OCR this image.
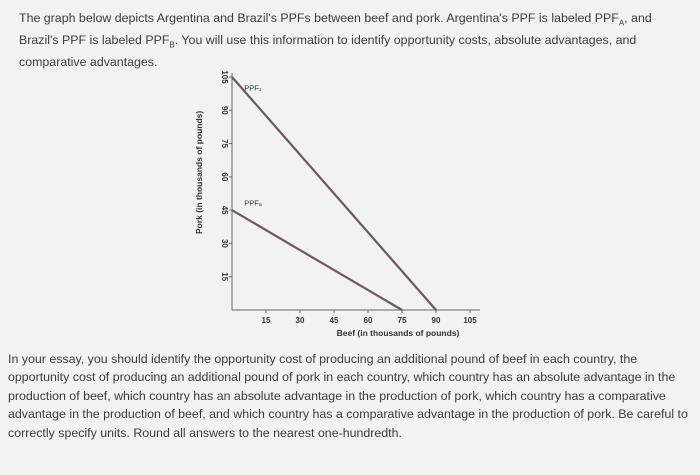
The graph below depicts Argentina and Brazil's PPFs between beef and pork. Argentina's PPF is labeled $PPF_A$, and

Brazil's PPF is labeled $PPF_B$. You will use this information to identify opportunity costs, absolute advantages, and

comparative advantages.

15	30	45	60	75	90	105
15
30
45
60
75
90
105
Beef (in thousands of pounds)
Pork (in thousands of pounds)
PPF₁
PPFₐ

In your essay, you should identify the opportunity cost of producing an additional pound of beef in each country, the opportunity cost of producing an additional pound of pork in each country, which country has an absolute advantage in the production of beef, which country has an absolute advantage in the production of pork, which country has a comparative advantage in the production of beef, and which country has a comparative advantage in the production of pork. Be careful to correctly specify units. Round all answers to the nearest one-hundredth.
